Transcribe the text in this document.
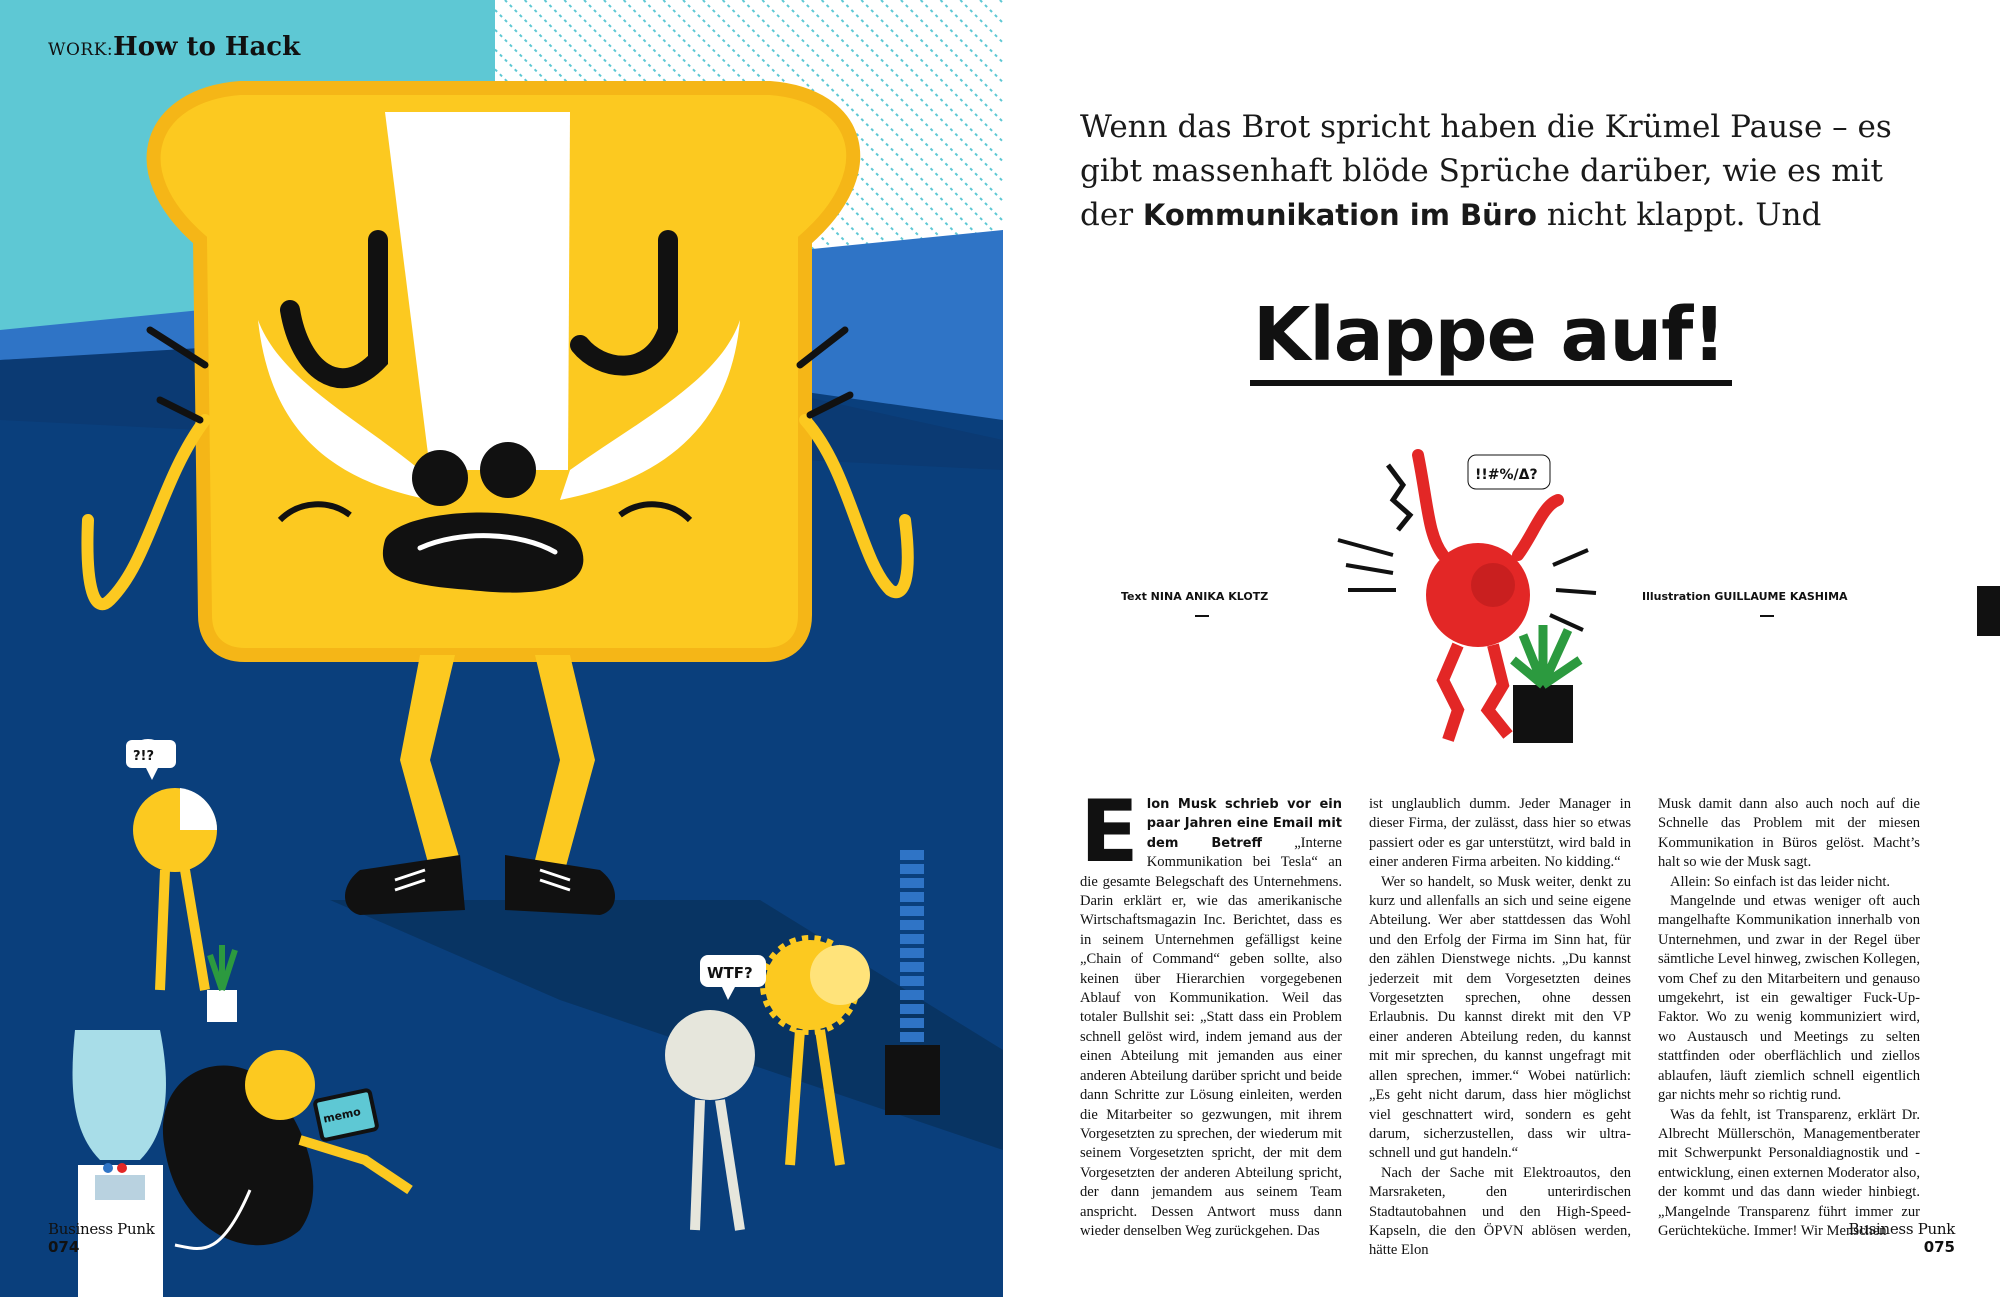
memo
?!?
WTF?
WORK:How to Hack
Business Punk
074
Wenn das Brot spricht haben die Krümel Pause – es gibt massenhaft blöde Sprüche darüber, wie es mit der Kommunikation im Büro nicht klappt. Und
Klappe auf!
!!#%/Δ?
Text NINA ANIKA KLOTZ	Illustration GUILLAUME KASHIMA

Elon Musk schrieb vor ein paar Jahren eine Email mit dem Betreff „Interne Kommunikation bei Tesla“ an die gesamte Belegschaft des Unternehmens. Darin erklärt er, wie das amerikanische Wirtschaftsmagazin Inc. Berichtet, dass es in seinem Unternehmen gefälligst keine „Chain of Command“ geben sollte, also keinen über Hierarchien vorgegebenen Ablauf von Kommunikation. Weil das totaler Bullshit sei: „Statt dass ein Problem schnell gelöst wird, indem jemand aus der einen Abteilung mit jemanden aus einer anderen Abteilung darüber spricht und beide dann Schritte zur Lösung einleiten, werden die Mitarbeiter so gezwungen, mit ihrem Vorgesetzten zu sprechen, der wiederum mit seinem Vorgesetzten spricht, der mit dem Vorgesetzten der anderen Abteilung spricht, der dann jemandem aus seinem Team anspricht. Dessen Antwort muss dann wieder denselben Weg zurückgehen. Das

ist unglaublich dumm. Jeder Manager in dieser Firma, der zulässt, dass hier so etwas passiert oder es gar unterstützt, wird bald in einer anderen Firma arbeiten. No kidding.“

Wer so handelt, so Musk weiter, denkt zu kurz und allenfalls an sich und seine eigene Abteilung. Wer aber stattdessen das Wohl und den Erfolg der Firma im Sinn hat, für den zählen Dienstwege nichts. „Du kannst jederzeit mit dem Vorgesetzten deines Vorgesetzten sprechen, ohne dessen Erlaubnis. Du kannst direkt mit den VP einer anderen Abteilung reden, du kannst mit mir sprechen, du kannst ungefragt mit allen sprechen, immer.“ Wobei natürlich: „Es geht nicht darum, dass hier möglichst viel geschnattert wird, sondern es geht darum, sicherzustellen, dass wir ultra-schnell und gut handeln.“

Nach der Sache mit Elektroautos, den Marsraketen, den unterirdischen Stadtautobahnen und den High-Speed-Kapseln, die den ÖPVN ablösen werden, hätte Elon

Musk damit dann also auch noch auf die Schnelle das Problem mit der miesen Kommunikation in Büros gelöst. Macht’s halt so wie der Musk sagt.

Allein: So einfach ist das leider nicht.

Mangelnde und etwas weniger oft auch mangelhafte Kommunikation innerhalb von Unternehmen, und zwar in der Regel über sämtliche Level hinweg, zwischen Kollegen, vom Chef zu den Mitarbeitern und genauso umgekehrt, ist ein gewaltiger Fuck-Up-Faktor. Wo zu wenig kommuniziert wird, wo Austausch und Meetings zu selten stattfinden oder oberflächlich und ziellos ablaufen, läuft ziemlich schnell eigentlich gar nichts mehr so richtig rund.

Was da fehlt, ist Transparenz, erklärt Dr. Albrecht Müllerschön, Managementberater mit Schwerpunkt Personaldiagnostik und -entwicklung, einen externen Moderator also, der kommt und das dann wieder hinbiegt. „Mangelnde Transparenz führt immer zur Gerüchteküche. Immer! Wir Menschen

Business Punk
075
